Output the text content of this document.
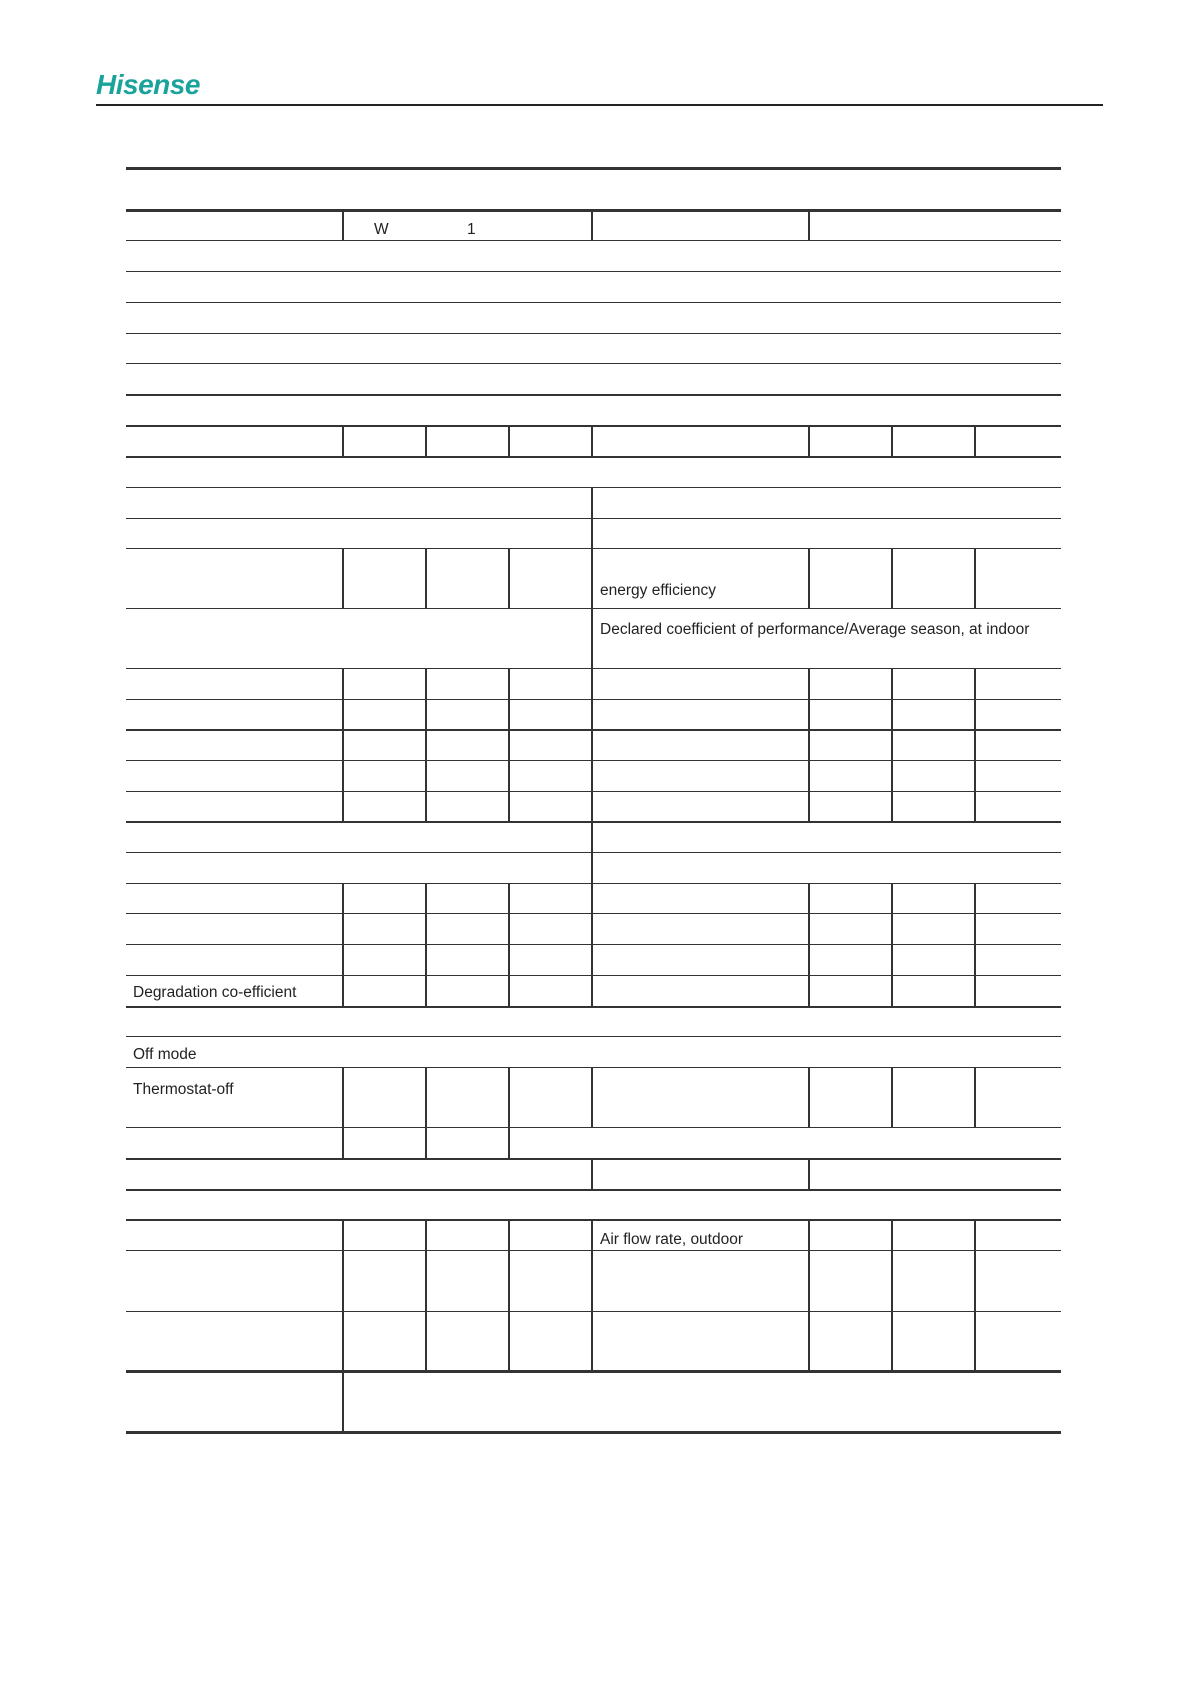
Hisense
W	1
energy efficiency
Declared coefficient of performance/Average season, at indoor
Degradation co-efficient
Off mode
Thermostat-off
Air flow rate, outdoor
